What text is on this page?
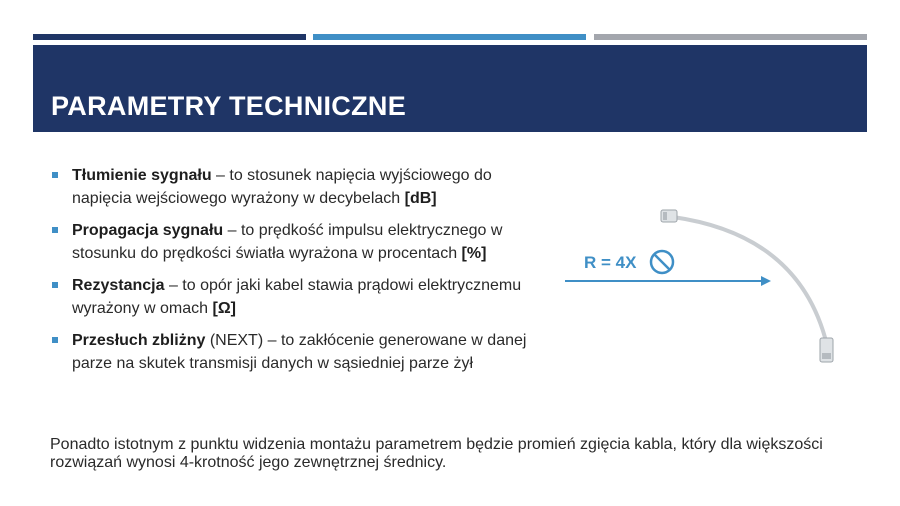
PARAMETRY TECHNICZNE
Tłumienie sygnału – to stosunek napięcia wyjściowego do napięcia wejściowego wyrażony w decybelach [dB]
Propagacja sygnału – to prędkość impulsu elektrycznego w stosunku do prędkości światła wyrażona w procentach [%]
Rezystancja – to opór jaki kabel stawia prądowi elektrycznemu wyrażony w omach [Ω]
Przesłuch zbliżny (NEXT) – to zakłócenie generowane w danej parze na skutek transmisji danych w sąsiedniej parze żył
R = 4X
Ponadto istotnym z punktu widzenia montażu parametrem będzie promień zgięcia kabla, który dla większości rozwiązań wynosi 4-krotność jego zewnętrznej średnicy.
